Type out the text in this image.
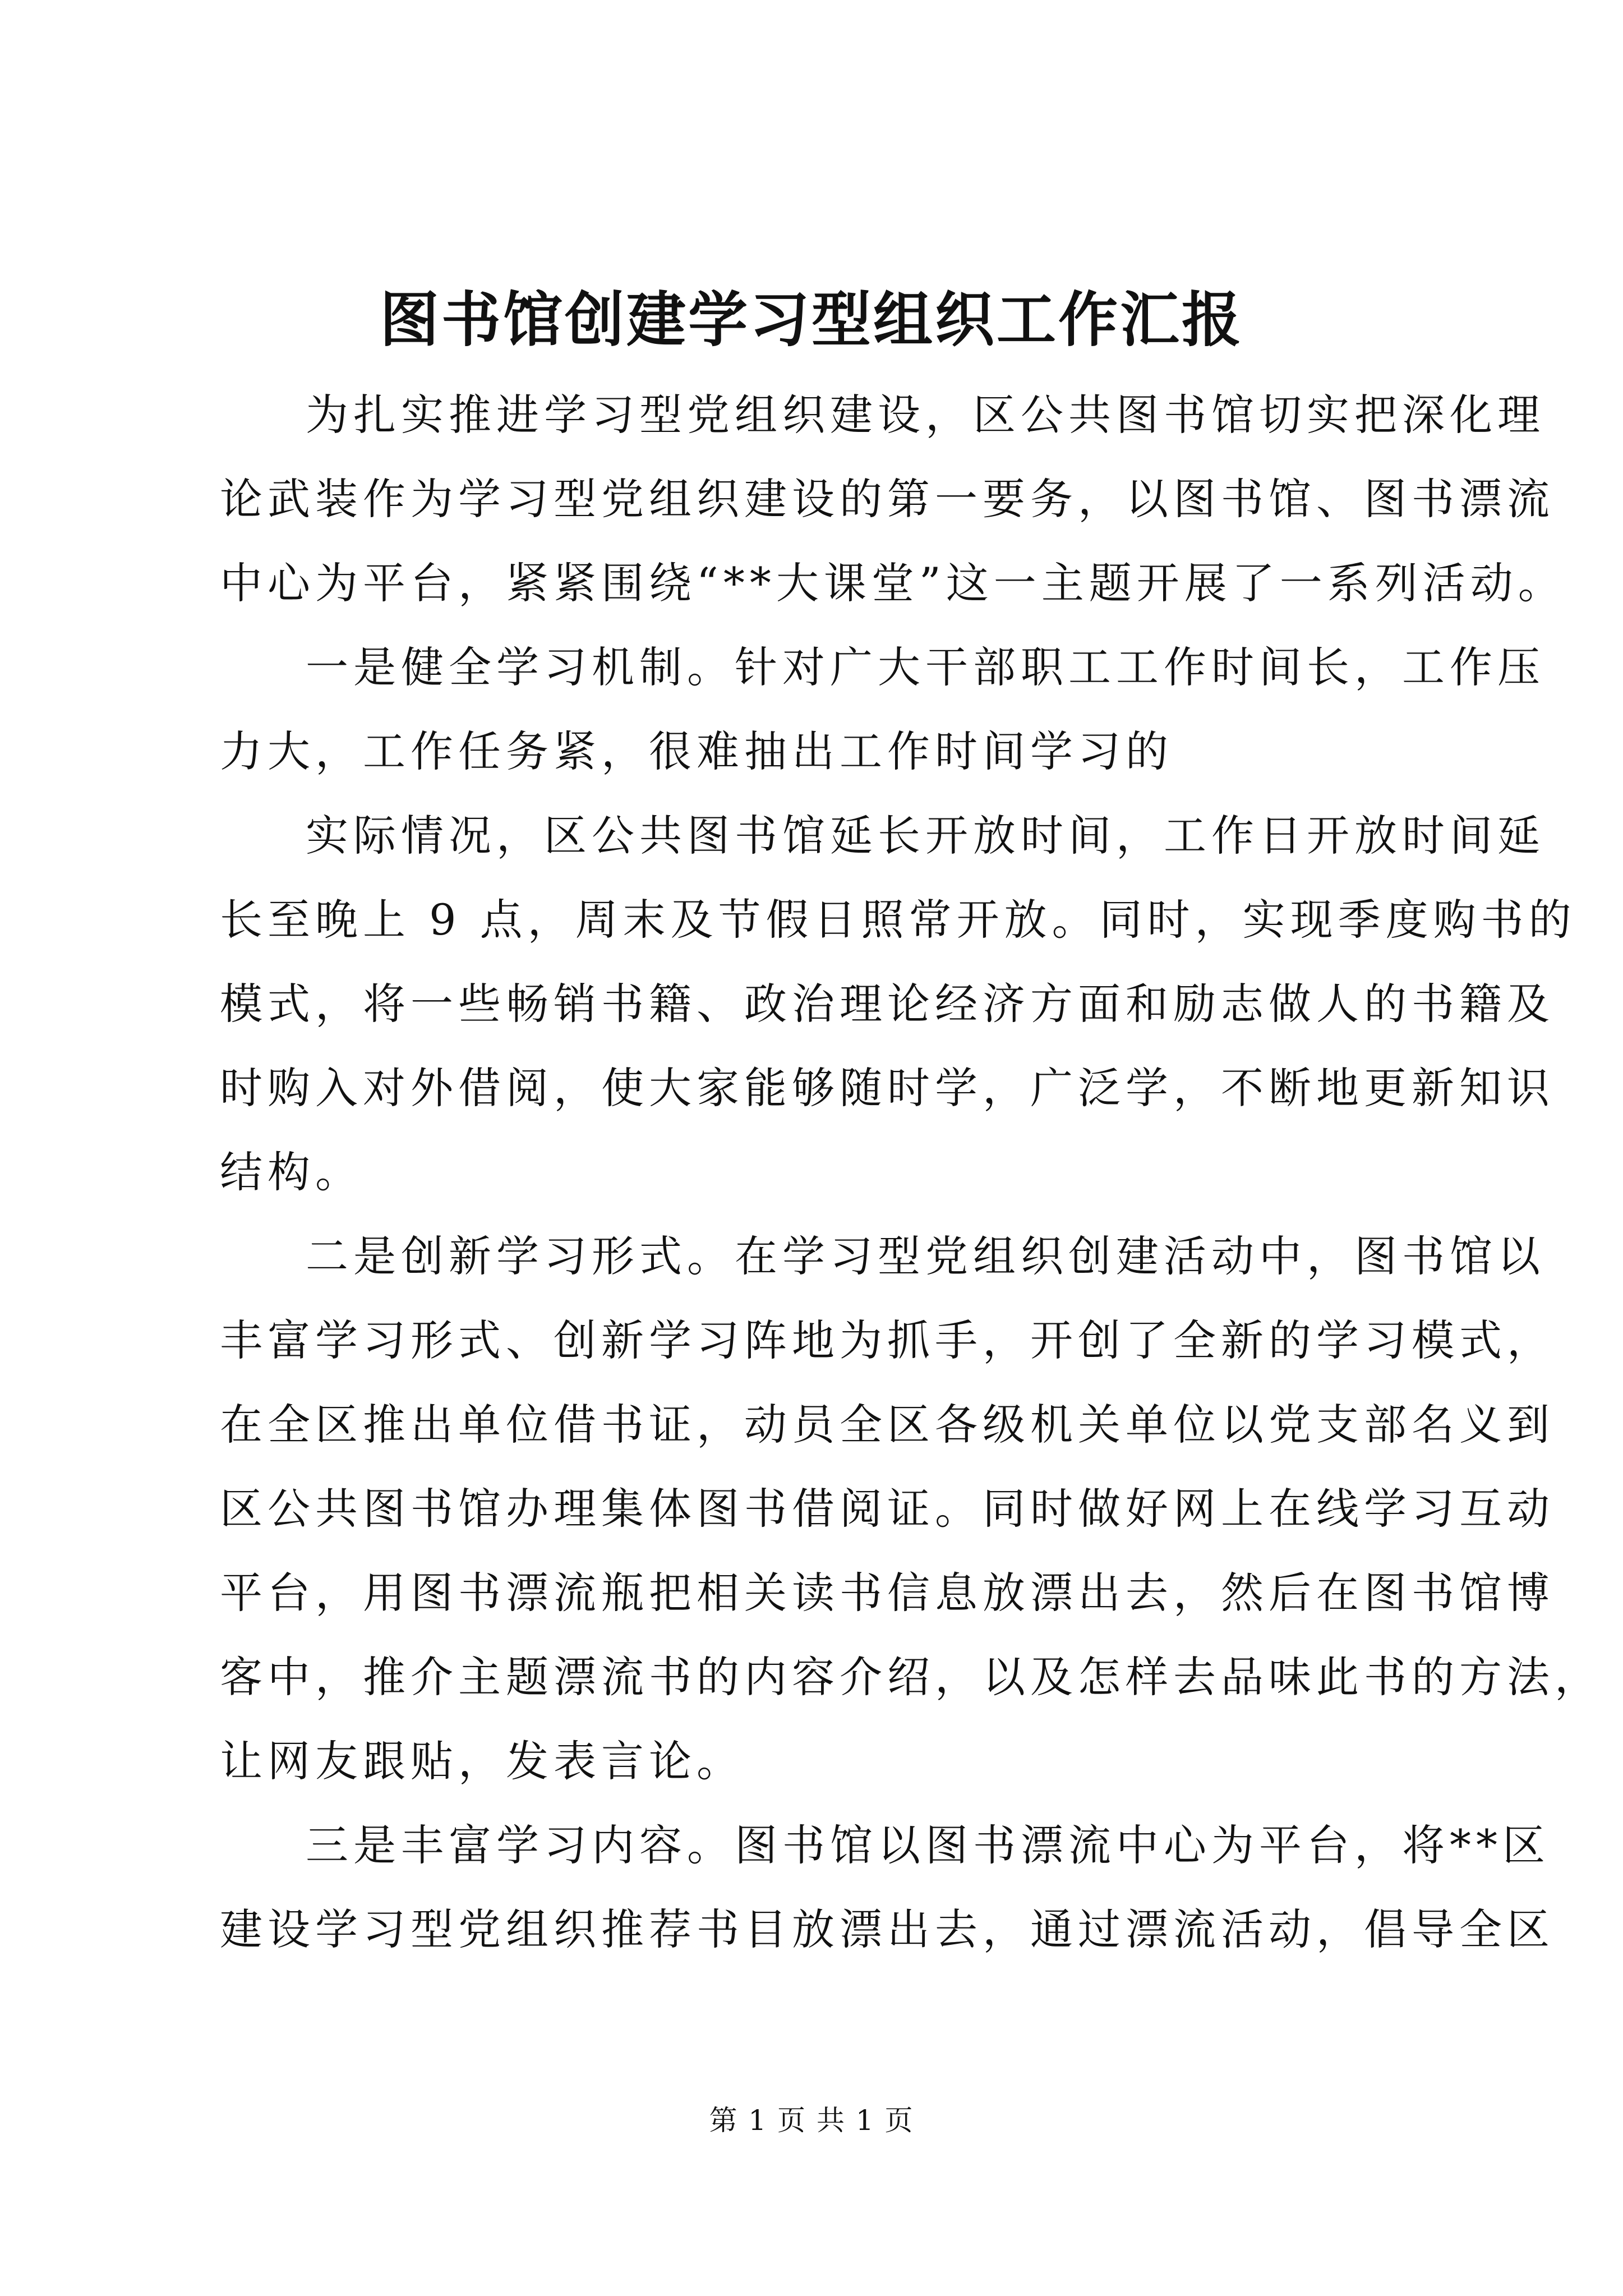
图书馆创建学习型组织工作汇报
为扎实推进学习型党组织建设，区公共图书馆切实把深化理
论武装作为学习型党组织建设的第一要务，以图书馆、图书漂流
中心为平台，紧紧围绕“**大课堂”这一主题开展了一系列活动。
一是健全学习机制。针对广大干部职工工作时间长，工作压
力大，工作任务紧，很难抽出工作时间学习的
实际情况，区公共图书馆延长开放时间，工作日开放时间延
长至晚上 9 点，周末及节假日照常开放。同时，实现季度购书的
模式，将一些畅销书籍、政治理论经济方面和励志做人的书籍及
时购入对外借阅，使大家能够随时学，广泛学，不断地更新知识
结构。
二是创新学习形式。在学习型党组织创建活动中，图书馆以
丰富学习形式、创新学习阵地为抓手，开创了全新的学习模式，
在全区推出单位借书证，动员全区各级机关单位以党支部名义到
区公共图书馆办理集体图书借阅证。同时做好网上在线学习互动
平台，用图书漂流瓶把相关读书信息放漂出去，然后在图书馆博
客中，推介主题漂流书的内容介绍，以及怎样去品味此书的方法，
让网友跟贴，发表言论。
三是丰富学习内容。图书馆以图书漂流中心为平台，将**区
建设学习型党组织推荐书目放漂出去，通过漂流活动，倡导全区
第 1 页 共 1 页
